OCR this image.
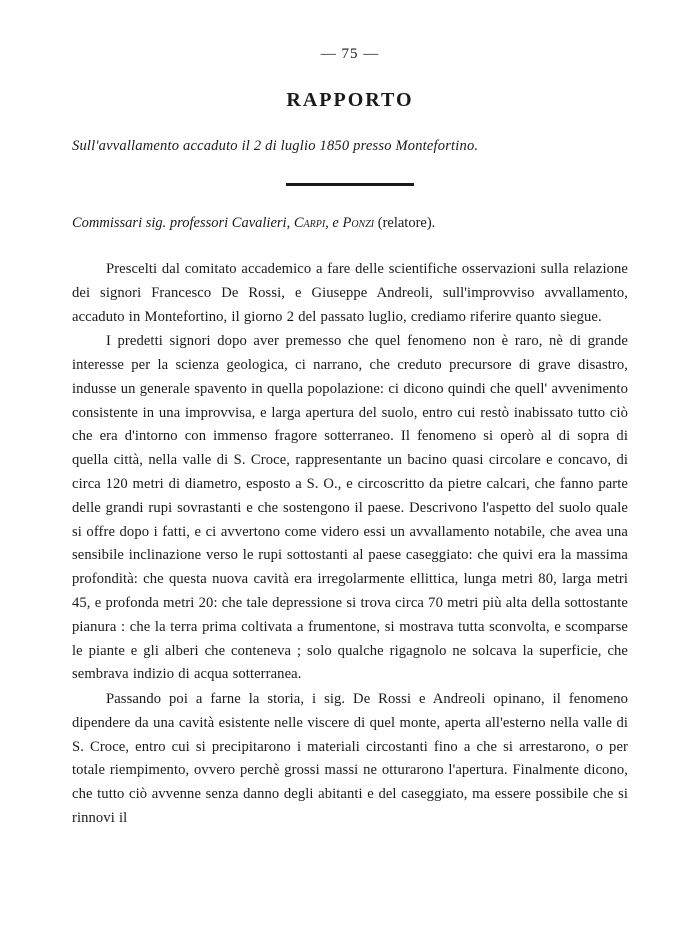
— 75 —
RAPPORTO
Sull'avvallamento accaduto il 2 di luglio 1850 presso Montefortino.
Commissari sig. professori Cavalieri, Carpi, e Ponzi (relatore).

Prescelti dal comitato accademico a fare delle scientifiche osservazioni sulla relazione dei signori Francesco De Rossi, e Giuseppe Andreoli, sull'improvviso avvallamento, accaduto in Montefortino, il giorno 2 del passato luglio, crediamo riferire quanto siegue.

I predetti signori dopo aver premesso che quel fenomeno non è raro, nè di grande interesse per la scienza geologica, ci narrano, che creduto precursore di grave disastro, indusse un generale spavento in quella popolazione: ci dicono quindi che quell' avvenimento consistente in una improvvisa, e larga apertura del suolo, entro cui restò inabissato tutto ciò che era d'intorno con immenso fragore sotterraneo. Il fenomeno si operò al di sopra di quella città, nella valle di S. Croce, rappresentante un bacino quasi circolare e concavo, di circa 120 metri di diametro, esposto a S. O., e circoscritto da pietre calcari, che fanno parte delle grandi rupi sovrastanti e che sostengono il paese. Descrivono l'aspetto del suolo quale si offre dopo i fatti, e ci avvertono come videro essi un avvallamento notabile, che avea una sensibile inclinazione verso le rupi sottostanti al paese caseggiato: che quivi era la massima profondità: che questa nuova cavità era irregolarmente ellittica, lunga metri 80, larga metri 45, e profonda metri 20: che tale depressione si trova circa 70 metri più alta della sottostante pianura : che la terra prima coltivata a frumentone, si mostrava tutta sconvolta, e scomparse le piante e gli alberi che conteneva ; solo qualche rigagnolo ne solcava la superficie, che sembrava indizio di acqua sotterranea.

Passando poi a farne la storia, i sig. De Rossi e Andreoli opinano, il fenomeno dipendere da una cavità esistente nelle viscere di quel monte, aperta all'esterno nella valle di S. Croce, entro cui si precipitarono i materiali circostanti fino a che si arrestarono, o per totale riempimento, ovvero perchè grossi massi ne otturarono l'apertura. Finalmente dicono, che tutto ciò avvenne senza danno degli abitanti e del caseggiato, ma essere possibile che si rinnovi il
